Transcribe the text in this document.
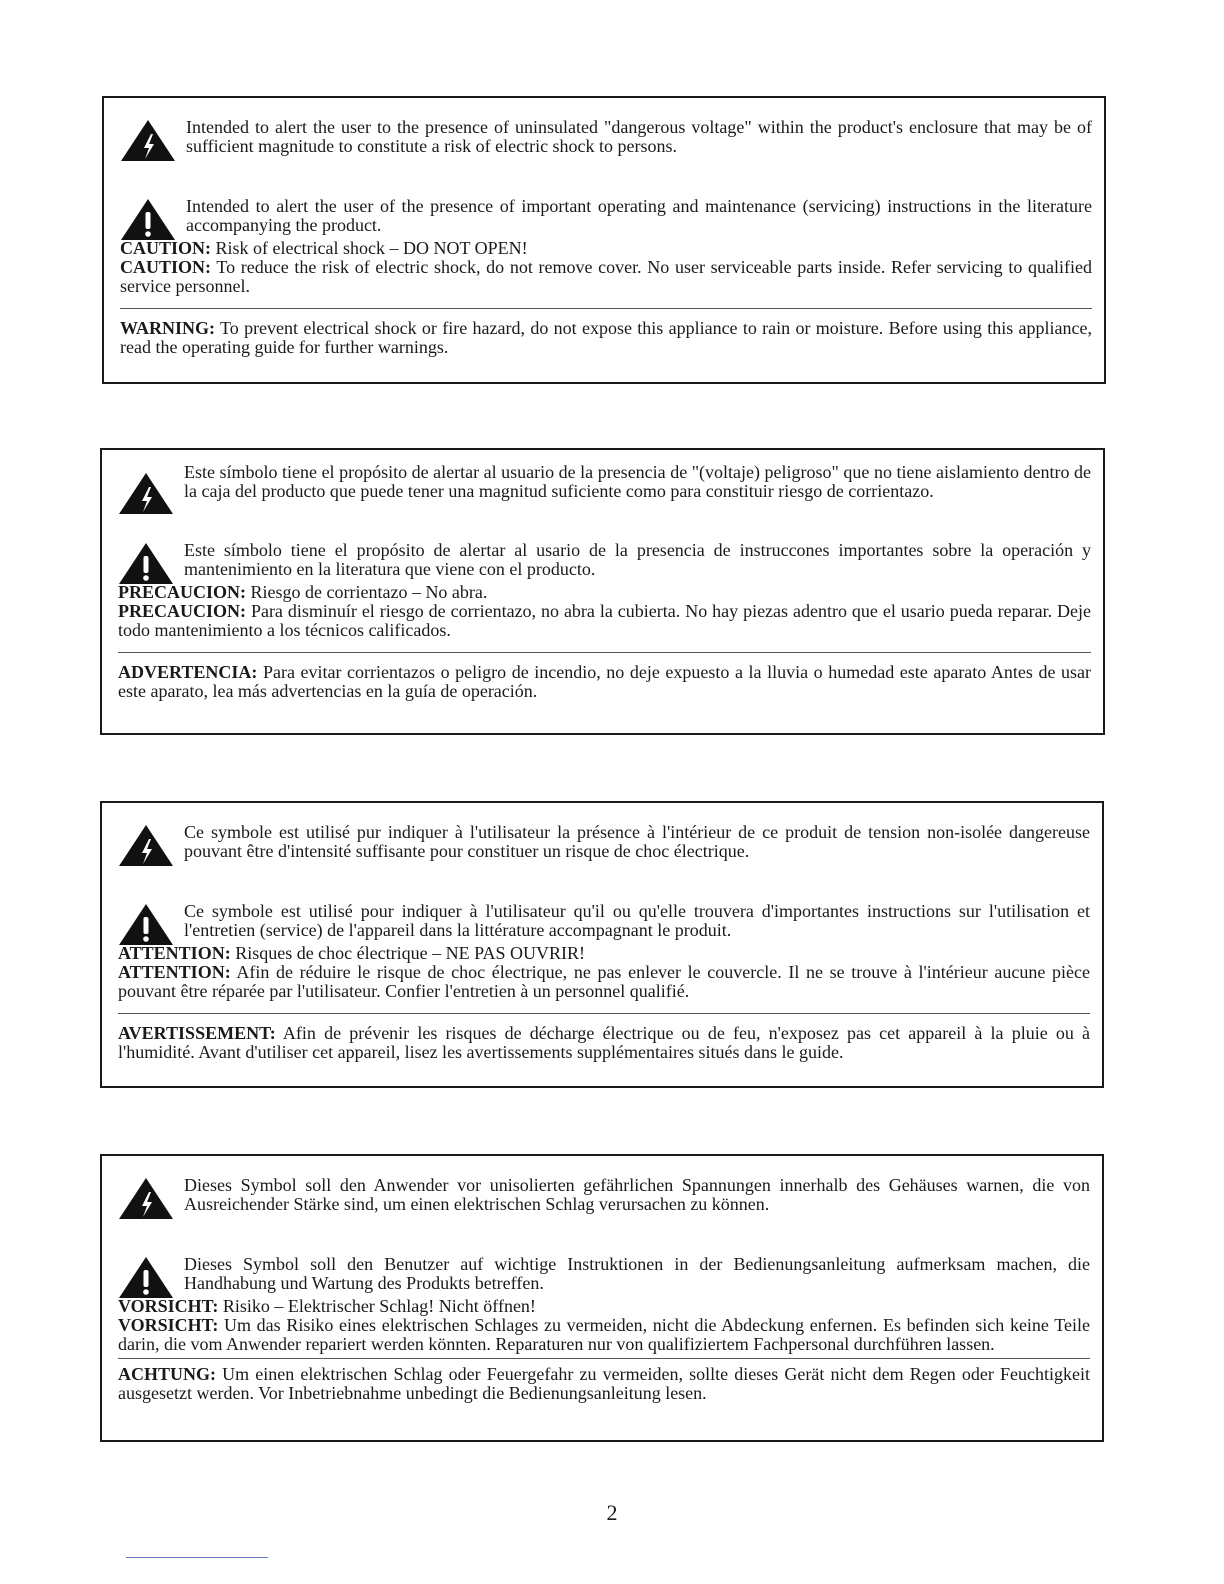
Intended to alert the user to the presence of uninsulated "dangerous voltage" within the product's enclosure that may be of sufficient magnitude to constitute a risk of electric shock to persons.
Intended to alert the user of the presence of important operating and maintenance (servicing) instructions in the literature accompanying the product.

CAUTION: Risk of electrical shock – DO NOT OPEN!

CAUTION: To reduce the risk of electric shock, do not remove cover. No user serviceable parts inside. Refer servicing to qualified service personnel.

WARNING: To prevent electrical shock or fire hazard, do not expose this appliance to rain or moisture. Before using this appliance, read the operating guide for further warnings.

Este símbolo tiene el propósito de alertar al usuario de la presencia de "(voltaje) peligroso" que no tiene aislamiento dentro de la caja del producto que puede tener una magnitud suficiente como para constituir riesgo de corrientazo.
Este símbolo tiene el propósito de alertar al usario de la presencia de instruccones importantes sobre la operación y mantenimiento en la literatura que viene con el producto.

PRECAUCION: Riesgo de corrientazo – No abra.

PRECAUCION: Para disminuír el riesgo de corrientazo, no abra la cubierta. No hay piezas adentro que el usario pueda reparar. Deje todo mantenimiento a los técnicos calificados.

ADVERTENCIA: Para evitar corrientazos o peligro de incendio, no deje expuesto a la lluvia o humedad este aparato Antes de usar este aparato, lea más advertencias en la guía de operación.

Ce symbole est utilisé pur indiquer à l'utilisateur la présence à l'intérieur de ce produit de tension non-isolée dangereuse pouvant être d'intensité suffisante pour constituer un risque de choc électrique.
Ce symbole est utilisé pour indiquer à l'utilisateur qu'il ou qu'elle trouvera d'importantes instructions sur l'utilisation et l'entretien (service) de l'appareil dans la littérature accompagnant le produit.

ATTENTION: Risques de choc électrique – NE PAS OUVRIR!

ATTENTION: Afin de réduire le risque de choc électrique, ne pas enlever le couvercle. Il ne se trouve à l'intérieur aucune pièce pouvant être réparée par l'utilisateur. Confier l'entretien à un personnel qualifié.

AVERTISSEMENT: Afin de prévenir les risques de décharge électrique ou de feu, n'exposez pas cet appareil à la pluie ou à l'humidité. Avant d'utiliser cet appareil, lisez les avertissements supplémentaires situés dans le guide.

Dieses Symbol soll den Anwender vor unisolierten gefährlichen Spannungen innerhalb des Gehäuses warnen, die von Ausreichender Stärke sind, um einen elektrischen Schlag verursachen zu können.
Dieses Symbol soll den Benutzer auf wichtige Instruktionen in der Bedienungsanleitung aufmerksam machen, die Handhabung und Wartung des Produkts betreffen.

VORSICHT: Risiko – Elektrischer Schlag! Nicht öffnen!

VORSICHT: Um das Risiko eines elektrischen Schlages zu vermeiden, nicht die Abdeckung enfernen. Es befinden sich keine Teile darin, die vom Anwender repariert werden könnten. Reparaturen nur von qualifiziertem Fachpersonal durchführen lassen.

ACHTUNG: Um einen elektrischen Schlag oder Feuergefahr zu vermeiden, sollte dieses Gerät nicht dem Regen oder Feuchtigkeit ausgesetzt werden. Vor Inbetriebnahme unbedingt die Bedienungsanleitung lesen.

2
